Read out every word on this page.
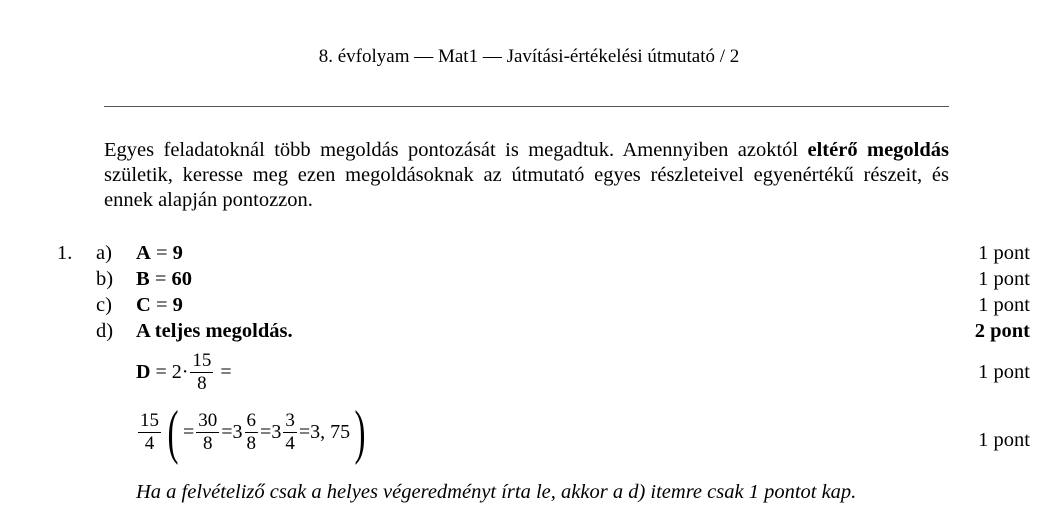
8. évfolyam — Mat1 — Javítási-értékelési útmutató / 2
Egyes feladatoknál több megoldás pontozását is megadtuk. Amennyiben azoktól eltérő megoldás születik, keresse meg ezen megoldásoknak az útmutató egyes részleteivel egyenértékű részeit, és ennek alapján pontozzon.
1. a) A = 9	1 pont
b) B = 60	1 pont
c) C = 9	1 pont
d) A teljes megoldás.	2 pont
$D = 2 \cdot \frac{15}{8}$ =	1 pont
$\frac{15}{4}$ ( = $\frac{30}{8} = 3 \frac{6}{8} = 3 \frac{3}{4} = 3$, 75 )	1 pont
Ha a felvételiző csak a helyes végeredményt írta le, akkor a d) itemre csak 1 pontot kap.
